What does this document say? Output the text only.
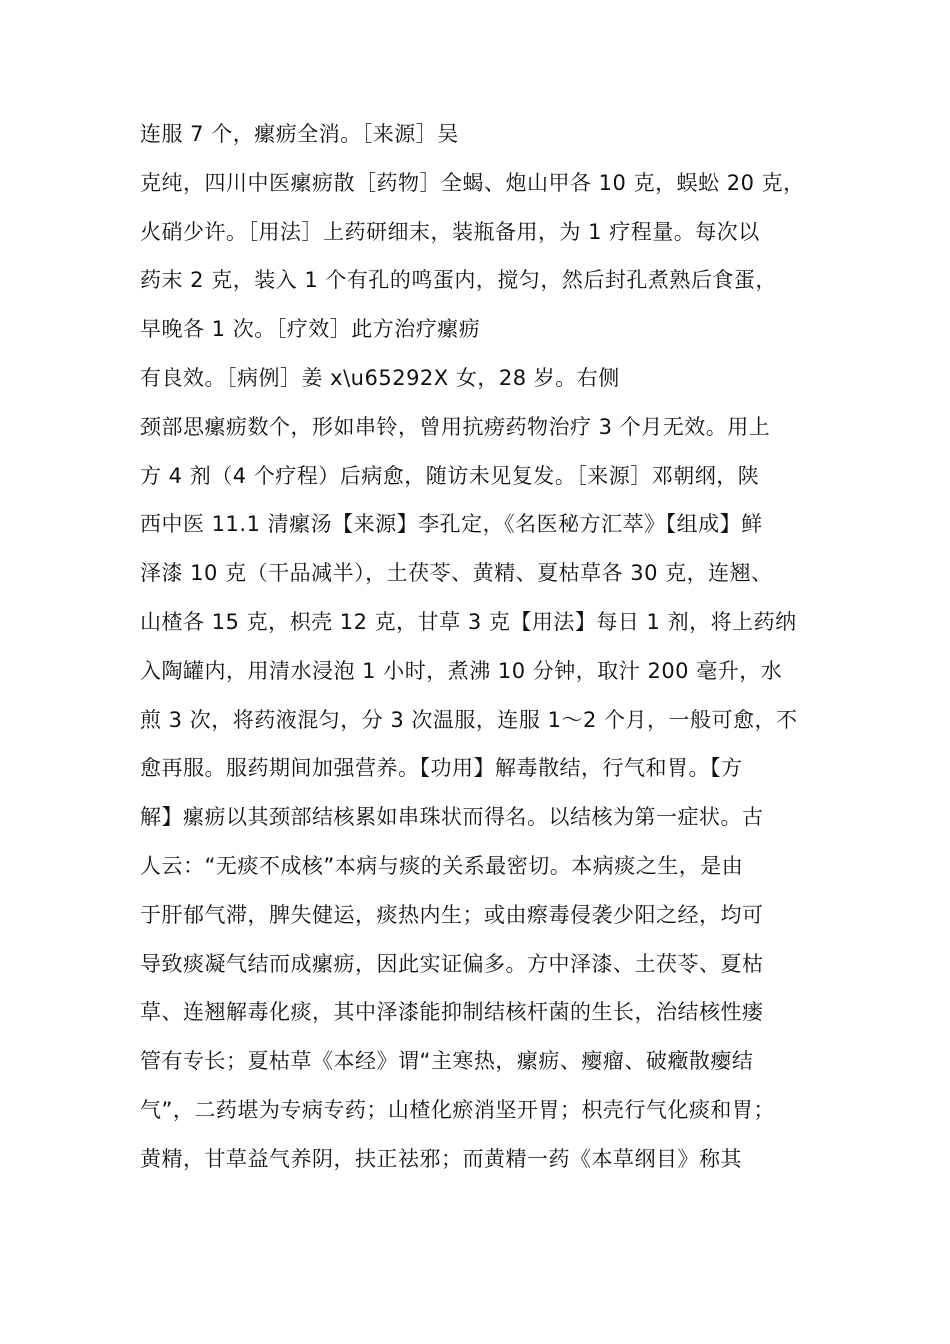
连服 7 个，瘰疬全消。［来源］吴
克纯，四川中医瘰疬散［药物］全蝎、炮山甲各 10 克，蜈蚣 20 克，
火硝少许。［用法］上药研细末，装瓶备用，为 1 疗程量。每次以
药末 2 克，装入 1 个有孔的鸣蛋内，搅匀，然后封孔煮熟后食蛋，
早晚各 1 次。［疗效］此方治疗瘰疬
有良效。［病例］姜 x\u65292X 女，28 岁。右侧
颈部思瘰疬数个，形如串铃，曾用抗痨药物治疗 3 个月无效。用上
方 4 剂（4 个疗程）后病愈，随访未见复发。［来源］邓朝纲，陕
西中医 11.1 清瘰汤【来源】李孔定，《名医秘方汇萃》【组成】鲜
泽漆 10 克（干品减半），土茯苓、黄精、夏枯草各 30 克，连翘、
山楂各 15 克，枳壳 12 克，甘草 3 克【用法】每日 1 剂，将上药纳
入陶罐内，用清水浸泡 1 小时，煮沸 10 分钟，取汁 200 毫升，水
煎 3 次，将药液混匀，分 3 次温服，连服 1～2 个月，一般可愈，不
愈再服。服药期间加强营养。【功用】解毒散结，行气和胃。【方
解】瘰疬以其颈部结核累如串珠状而得名。以结核为第一症状。古
人云：“无痰不成核”本病与痰的关系最密切。本病痰之生，是由
于肝郁气滞，脾失健运，痰热内生；或由瘵毒侵袭少阳之经，均可
导致痰凝气结而成瘰疬，因此实证偏多。方中泽漆、土茯苓、夏枯
草、连翘解毒化痰，其中泽漆能抑制结核杆菌的生长，治结核性瘘
管有专长；夏枯草《本经》谓“主寒热，瘰疬、瘿瘤、破癥散瘿结
气”，二药堪为专病专药；山楂化瘀消坚开胃；枳壳行气化痰和胃；
黄精，甘草益气养阴，扶正祛邪；而黄精一药《本草纲目》称其
